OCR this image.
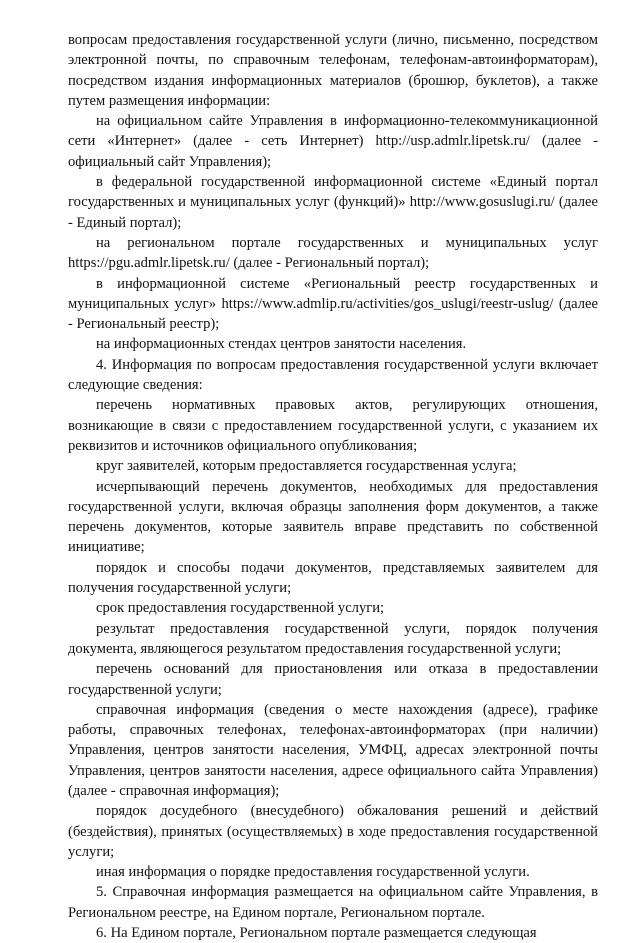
вопросам предоставления государственной услуги (лично, письменно, посредством электронной почты, по справочным телефонам, телефонам-автоинформаторам), посредством издания информационных материалов (брошюр, буклетов), а также путем размещения информации:

на официальном сайте Управления в информационно-телекоммуникационной сети «Интернет» (далее - сеть Интернет) http://usp.admlr.lipetsk.ru/ (далее - официальный сайт Управления);

в федеральной государственной информационной системе «Единый портал государственных и муниципальных услуг (функций)» http://www.gosuslugi.ru/ (далее - Единый портал);

на региональном портале государственных и муниципальных услуг https://pgu.admlr.lipetsk.ru/ (далее - Региональный портал);

в информационной системе «Региональный реестр государственных и муниципальных услуг» https://www.admlip.ru/activities/gos_uslugi/reestr-uslug/ (далее - Региональный реестр);

на информационных стендах центров занятости населения.

4. Информация по вопросам предоставления государственной услуги включает следующие сведения:

перечень нормативных правовых актов, регулирующих отношения, возникающие в связи с предоставлением государственной услуги, с указанием их реквизитов и источников официального опубликования;

круг заявителей, которым предоставляется государственная услуга;

исчерпывающий перечень документов, необходимых для предоставления государственной услуги, включая образцы заполнения форм документов, а также перечень документов, которые заявитель вправе представить по собственной инициативе;

порядок и способы подачи документов, представляемых заявителем для получения государственной услуги;

срок предоставления государственной услуги;

результат предоставления государственной услуги, порядок получения документа, являющегося результатом предоставления государственной услуги;

перечень оснований для приостановления или отказа в предоставлении государственной услуги;

справочная информация (сведения о месте нахождения (адресе), графике работы, справочных телефонах, телефонах-автоинформаторах (при наличии) Управления, центров занятости населения, УМФЦ, адресах электронной почты Управления, центров занятости населения, адресе официального сайта Управления) (далее - справочная информация);

порядок досудебного (внесудебного) обжалования решений и действий (бездействия), принятых (осуществляемых) в ходе предоставления государственной услуги;

иная информация о порядке предоставления государственной услуги.

5. Справочная информация размещается на официальном сайте Управления, в Региональном реестре, на Едином портале, Региональном портале.

6. На Едином портале, Региональном портале размещается следующая
